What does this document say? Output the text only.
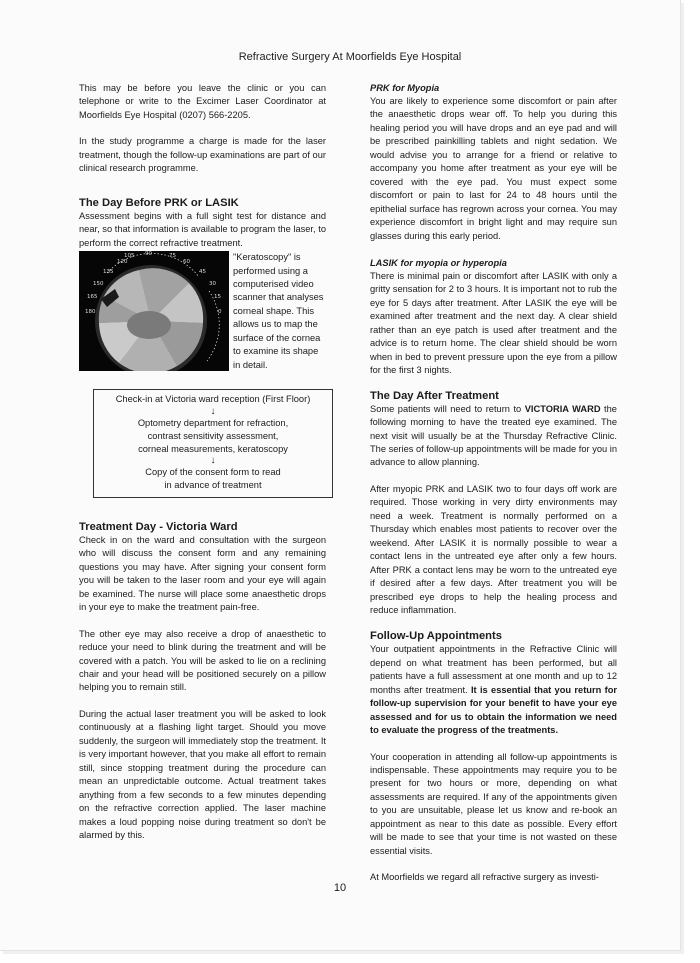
Refractive Surgery At Moorfields Eye Hospital

This may be before you leave the clinic or you can telephone or write to the Excimer Laser Coordinator at Moorfields Eye Hospital (0207) 566-2205.

In the study programme a charge is made for the laser treatment, though the follow-up examinations are part of our clinical research programme.

The Day Before PRK or LASIK

Assessment begins with a full sight test for distance and near, so that information is available to program the laser, to perform the correct refractive treatment.

105 90	75
120	60
135	45
150	30
165	15
180	0

"Keratoscopy" is performed using a computerised video scanner that analyses corneal shape. This allows us to map the surface of the cornea to examine its shape in detail.

Check-in at Victoria ward reception (First Floor)
↓
Optometry department for refraction,
contrast sensitivity assessment,
corneal measurements, keratoscopy
↓
Copy of the consent form to read
in advance of treatment
Treatment Day - Victoria Ward

Check in on the ward and consultation with the surgeon who will discuss the consent form and any remaining questions you may have. After signing your consent form you will be taken to the laser room and your eye will again be examined. The nurse will place some anaesthetic drops in your eye to make the treatment pain-free.

The other eye may also receive a drop of anaesthetic to reduce your need to blink during the treatment and will be covered with a patch. You will be asked to lie on a reclining chair and your head will be positioned securely on a pillow helping you to remain still.

During the actual laser treatment you will be asked to look continuously at a flashing light target. Should you move suddenly, the surgeon will immediately stop the treatment. It is very important however, that you make all effort to remain still, since stopping treatment during the procedure can mean an unpredictable outcome. Actual treatment takes anything from a few seconds to a few minutes depending on the refractive correction applied. The laser machine makes a loud popping noise during treatment so don't be alarmed by this.

PRK for Myopia

You are likely to experience some discomfort or pain after the anaesthetic drops wear off. To help you during this healing period you will have drops and an eye pad and will be prescribed painkilling tablets and night sedation. We would advise you to arrange for a friend or relative to accompany you home after treatment as your eye will be covered with the eye pad. You must expect some discomfort or pain to last for 24 to 48 hours until the epithelial surface has regrown across your cornea. You may experience discomfort in bright light and may require sun glasses during this early period.

LASIK for myopia or hyperopia

There is minimal pain or discomfort after LASIK with only a gritty sensation for 2 to 3 hours. It is important not to rub the eye for 5 days after treatment. After LASIK the eye will be examined after treatment and the next day. A clear shield rather than an eye patch is used after treatment and the advice is to return home. The clear shield should be worn when in bed to prevent pressure upon the eye from a pillow for the first 3 nights.

The Day After Treatment

Some patients will need to return to VICTORIA WARD the following morning to have the treated eye examined. The next visit will usually be at the Thursday Refractive Clinic. The series of follow-up appointments will be made for you in advance to allow planning.

After myopic PRK and LASIK two to four days off work are required. Those working in very dirty environments may need a week. Treatment is normally performed on a Thursday which enables most patients to recover over the weekend. After LASIK it is normally possible to wear a contact lens in the untreated eye after only a few hours. After PRK a contact lens may be worn to the untreated eye if desired after a few days. After treatment you will be prescribed eye drops to help the healing process and reduce inflammation.

Follow-Up Appointments

Your outpatient appointments in the Refractive Clinic will depend on what treatment has been performed, but all patients have a full assessment at one month and up to 12 months after treatment. It is essential that you return for follow-up supervision for your benefit to have your eye assessed and for us to obtain the information we need to evaluate the progress of the treatments.

Your cooperation in attending all follow-up appointments is indispensable. These appointments may require you to be present for two hours or more, depending on what assessments are required. If any of the appointments given to you are unsuitable, please let us know and re-book an appointment as near to this date as possible. Every effort will be made to see that your time is not wasted on these essential visits.

At Moorfields we regard all refractive surgery as investi-

10
